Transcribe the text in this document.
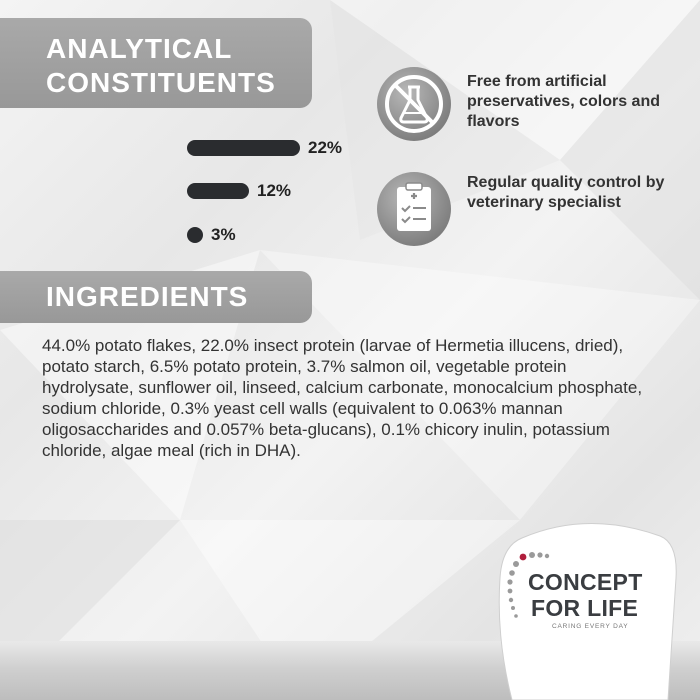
ANALYTICAL
CONSTITUENTS
22%
12%
3%
Free from artificial preservatives, colors and flavors
Regular quality control by veterinary specialist
INGREDIENTS
44.0% potato flakes, 22.0% insect protein (larvae of Hermetia illucens, dried), potato starch, 6.5% potato protein, 3.7% salmon oil, vegetable protein hydrolysate, sunflower oil, linseed, calcium carbonate, monocalcium phosphate, sodium chloride, 0.3% yeast cell walls (equivalent to 0.063% mannan oligosaccharides and 0.057% beta-glucans), 0.1% chicory inulin, potassium chloride, algae meal (rich in DHA).
CONCEPT
FOR LIFE
CARING EVERY DAY
